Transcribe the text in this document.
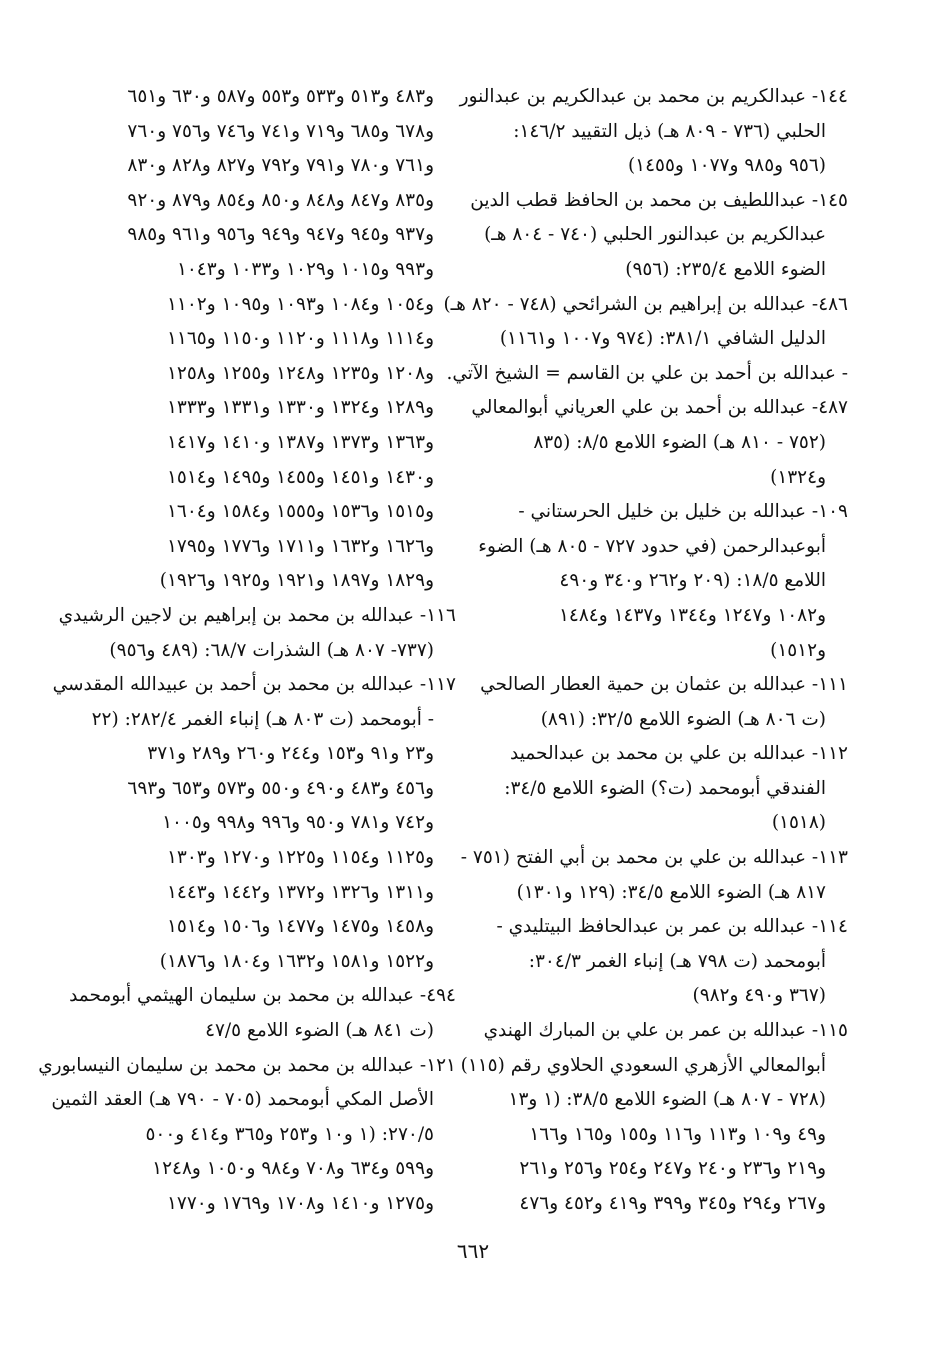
١٤٤- عبدالكريم بن محمد بن عبدالكريم بن عبدالنور
الحلبي (٧٣٦ - ٨٠٩ هـ) ذيل التقييد ١٤٦/٢:
(٩٥٦ و٩٨٥ و١٠٧٧ و١٤٥٥)
١٤٥- عبداللطيف بن محمد بن الحافظ قطب الدين
عبدالكريم بن عبدالنور الحلبي (٧٤٠ - ٨٠٤ هـ)
الضوء اللامع ٢٣٥/٤: (٩٥٦)
٤٨٦- عبدالله بن إبراهيم بن الشرائحي (٧٤٨ - ٨٢٠ هـ)
الدليل الشافي ٣٨١/١: (٩٧٤ و١٠٠٧ و١١٦١)
- عبدالله بن أحمد بن علي بن القاسم = الشيخ الآتي.
٤٨٧- عبدالله بن أحمد بن علي العرياني أبوالمعالي
(٧٥٢ - ٨١٠ هـ) الضوء اللامع ٨/٥: (٨٣٥
و١٣٢٤)
١٠٩- عبدالله بن خليل بن خليل الحرستاني -
أبوعبدالرحمن (في حدود ٧٢٧ - ٨٠٥ هـ) الضوء
اللامع ١٨/٥: (٢٠٩ و٢٦٢ و٣٤٠ و٤٩٠
و١٠٨٢ و١٢٤٧ و١٣٤٤ و١٤٣٧ و١٤٨٤
و١٥١٢)
١١١- عبدالله بن عثمان بن حمية العطار الصالحي
(ت ٨٠٦ هـ) الضوء اللامع ٣٢/٥: (٨٩١)
١١٢- عبدالله بن علي بن محمد بن عبدالحميد
الفندقي أبومحمد (ت؟) الضوء اللامع ٣٤/٥:
(١٥١٨)
١١٣- عبدالله بن علي بن محمد بن أبي الفتح (٧٥١ -
٨١٧ هـ) الضوء اللامع ٣٤/٥: (١٢٩ و١٣٠١)
١١٤- عبدالله بن عمر بن عبدالحافظ البيتليدي -
أبومحمد (ت ٧٩٨ هـ) إنباء الغمر ٣٠٤/٣:
(٣٦٧ و٤٩٠ و٩٨٢)
١١٥- عبدالله بن عمر بن علي بن المبارك الهندي
أبوالمعالي الأزهري السعودي الحلاوي رقم (١١٥)
(٧٢٨ - ٨٠٧ هـ) الضوء اللامع ٣٨/٥: (١ و١٣
و٤٩ و١٠٩ و١١٣ و١١٦ و١٥٥ و١٦٥ و١٦٦
و٢١٩ و٢٣٦ و٢٤٠ و٢٤٧ و٢٥٤ و٢٥٦ و٢٦١
و٢٦٧ و٢٩٤ و٣٤٥ و٣٩٩ و٤١٩ و٤٥٢ و٤٧٦
و٤٨٣ و٥١٣ و٥٣٣ و٥٥٣ و٥٨٧ و٦٣٠ و٦٥١
و٦٧٨ و٦٨٥ و٧١٩ و٧٤١ و٧٤٦ و٧٥٦ و٧٦٠
و٧٦١ و٧٨٠ و٧٩١ و٧٩٢ و٨٢٧ و٨٢٨ و٨٣٠
و٨٣٥ و٨٤٧ و٨٤٨ و٨٥٠ و٨٥٤ و٨٧٩ و٩٢٠
و٩٣٧ و٩٤٥ و٩٤٧ و٩٤٩ و٩٥٦ و٩٦١ و٩٨٥
و٩٩٣ و١٠١٥ و١٠٢٩ و١٠٣٣ و١٠٤٣
و١٠٥٤ و١٠٨٤ و١٠٩٣ و١٠٩٥ و١١٠٢
و١١١٤ و١١١٨ و١١٢٠ و١١٥٠ و١١٦٥
و١٢٠٨ و١٢٣٥ و١٢٤٨ و١٢٥٥ و١٢٥٨
و١٢٨٩ و١٣٢٤ و١٣٣٠ و١٣٣١ و١٣٣٣
و١٣٦٣ و١٣٧٣ و١٣٨٧ و١٤١٠ و١٤١٧
و١٤٣٠ و١٤٥١ و١٤٥٥ و١٤٩٥ و١٥١٤
و١٥١٥ و١٥٣٦ و١٥٥٥ و١٥٨٤ و١٦٠٤
و١٦٢٦ و١٦٣٢ و١٧١١ و١٧٧٦ و١٧٩٥
و١٨٢٩ و١٨٩٧ و١٩٢١ و١٩٢٥ و١٩٢٦)
١١٦- عبدالله بن محمد بن إبراهيم بن لاجين الرشيدي
(٧٣٧- ٨٠٧ هـ) الشذرات ٦٨/٧: (٤٨٩ و٩٥٦)
١١٧- عبدالله بن محمد بن أحمد بن عبيدالله المقدسي
- أبومحمد (ت ٨٠٣ هـ) إنباء الغمر ٢٨٢/٤: (٢٢
و٢٣ و٩١ و١٥٣ و٢٤٤ و٢٦٠ و٢٨٩ و٣٧١
و٤٥٦ و٤٨٣ و٤٩٠ و٥٥٠ و٥٧٣ و٦٥٣ و٦٩٣
و٧٤٢ و٧٨١ و٩٥٠ و٩٩٦ و٩٩٨ و١٠٠٥
و١١٢٥ و١١٥٤ و١٢٢٥ و١٢٧٠ و١٣٠٣
و١٣١١ و١٣٢٦ و١٣٧٢ و١٤٤٢ و١٤٤٣
و١٤٥٨ و١٤٧٥ و١٤٧٧ و١٥٠٦ و١٥١٤
و١٥٢٢ و١٥٨١ و١٦٣٢ و١٨٠٤ و١٨٧٦)
٤٩٤- عبدالله بن محمد بن سليمان الهيثمي أبومحمد
(ت ٨٤١ هـ) الضوء اللامع ٤٧/٥
١٢١- عبدالله بن محمد بن محمد بن سليمان النيسابوري
الأصل المكي أبومحمد (٧٠٥ - ٧٩٠ هـ) العقد الثمين
٢٧٠/٥: (١ و١٠ و٢٥٣ و٣٦٥ و٤١٤ و٥٠٠
و٥٩٩ و٦٣٤ و٧٠٨ و٩٨٤ و١٠٥٠ و١٢٤٨
و١٢٧٥ و١٤١٠ و١٧٠٨ و١٧٦٩ و١٧٧٠
٦٦٢
